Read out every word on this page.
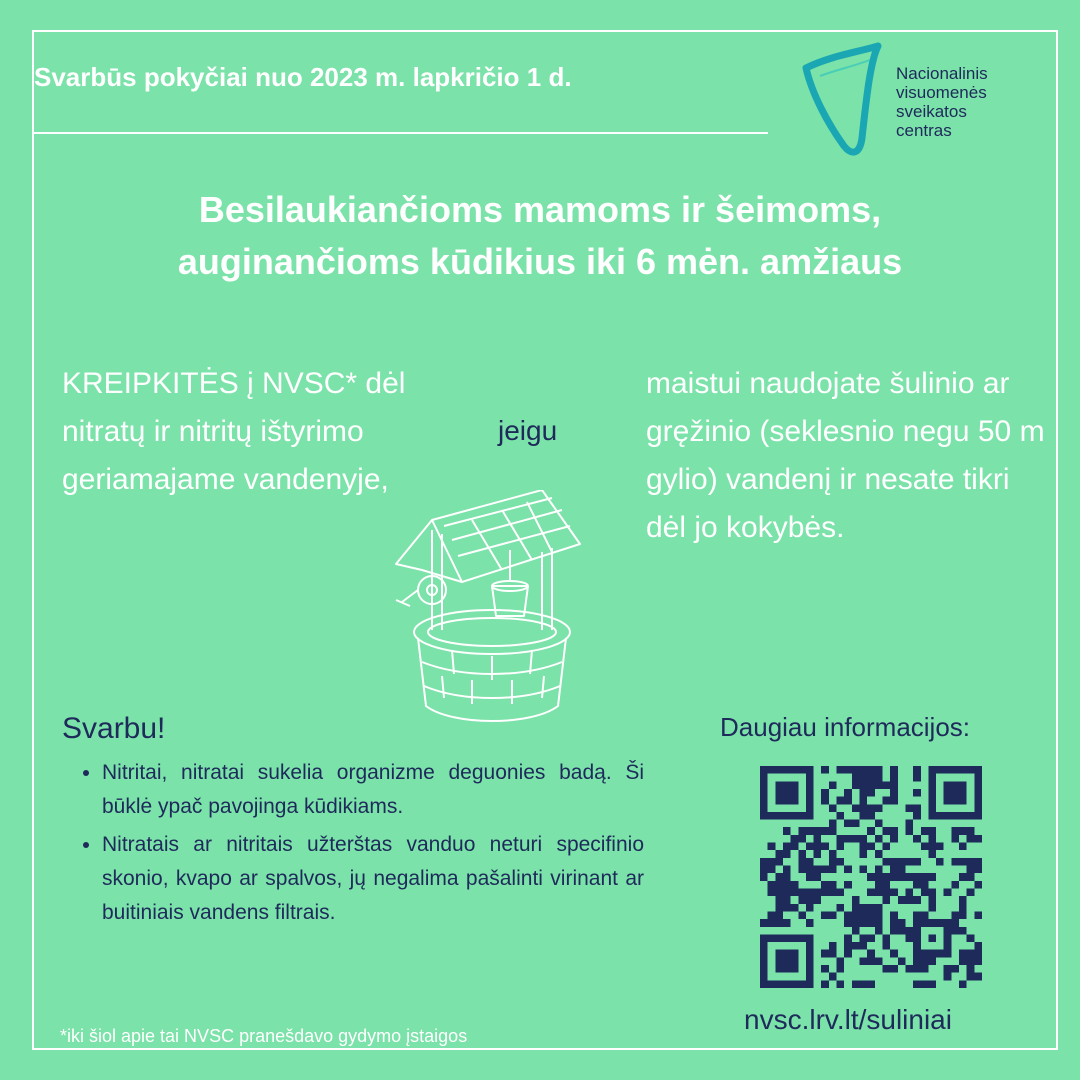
Svarbūs pokyčiai nuo 2023 m. lapkričio 1 d.	Nacionalinis
visuomenės
sveikatos
centras
Besilaukiančioms mamoms ir šeimoms,
auginančioms kūdikius iki 6 mėn. amžiaus
KREIPKITĖS į NVSC* dėl nitratų ir nitritų ištyrimo geriamajame vandenyje,
jeigu
maistui naudojate šulinio ar gręžinio (seklesnio negu 50 m gylio) vandenį ir nesate tikri dėl jo kokybės.
Svarbu!
• Nitritai, nitratai sukelia organizme deguonies badą. Ši būklė ypač pavojinga kūdikiams.
• Nitratais ar nitritais užterštas vanduo neturi specifinio skonio, kvapo ar spalvos, jų negalima pašalinti virinant ar buitiniais vandens filtrais.
*iki šiol apie tai NVSC pranešdavo gydymo įstaigos
Daugiau informacijos:
nvsc.lrv.lt/suliniai
